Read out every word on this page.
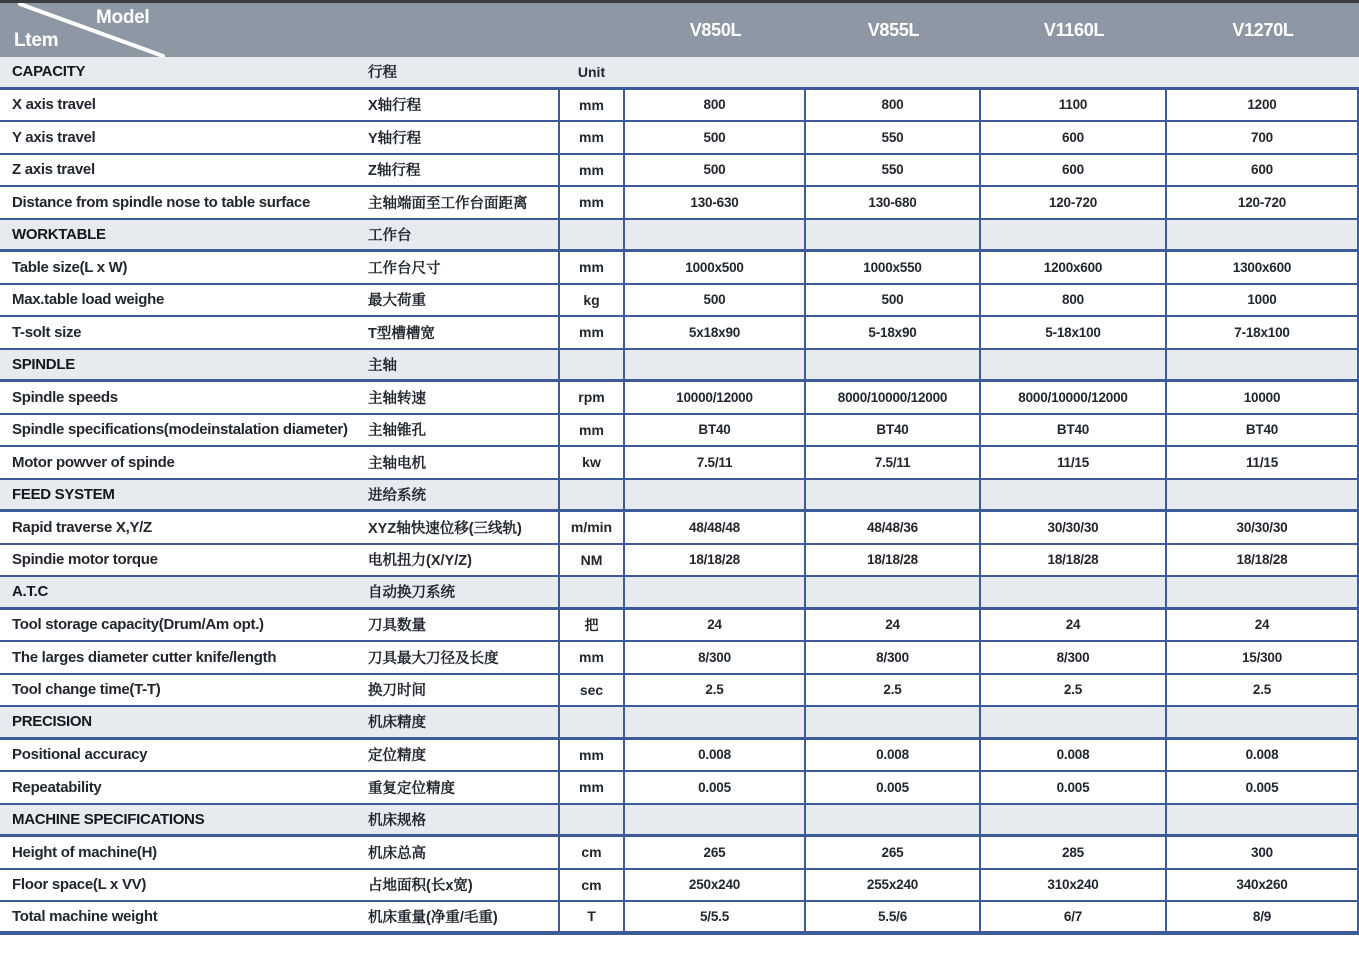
Model
Ltem
V850L	V855L	V1160L	V1270L
CAPACITY	行程	Unit
X axis travel	X轴行程	mm	800	800	1100	1200
Y axis travel	Y轴行程	mm	500	550	600	700
Z axis travel	Z轴行程	mm	500	550	600	600
Distance from spindle nose to table surface	主轴端面至工作台面距离	mm	130-630	130-680	120-720	120-720
WORKTABLE	工作台
Table size(L x W)	工作台尺寸	mm	1000x500	1000x550	1200x600	1300x600
Max.table load weighe	最大荷重	kg	500	500	800	1000
T-solt size	T型槽槽宽	mm	5x18x90	5-18x90	5-18x100	7-18x100
SPINDLE	主轴
Spindle speeds	主轴转速	rpm	10000/12000	8000/10000/12000	8000/10000/12000	10000
Spindle specifications(modeinstalation diameter)	主轴锥孔	mm	BT40	BT40	BT40	BT40
Motor powver of spinde	主轴电机	kw	7.5/11	7.5/11	11/15	11/15
FEED SYSTEM	进给系统
Rapid traverse X,Y/Z	XYZ轴快速位移(三线轨)	m/min	48/48/48	48/48/36	30/30/30	30/30/30
Spindie motor torque	电机扭力(X/Y/Z)	NM	18/18/28	18/18/28	18/18/28	18/18/28
A.T.C	自动换刀系统
Tool storage capacity(Drum/Am opt.)	刀具数量	把	24	24	24	24
The larges diameter cutter knife/length	刀具最大刀径及长度	mm	8/300	8/300	8/300	15/300
Tool change time(T-T)	换刀时间	sec	2.5	2.5	2.5	2.5
PRECISION	机床精度
Positional accuracy	定位精度	mm	0.008	0.008	0.008	0.008
Repeatability	重复定位精度	mm	0.005	0.005	0.005	0.005
MACHINE SPECIFICATIONS	机床规格
Height of machine(H)	机床总高	cm	265	265	285	300
Floor space(L x VV)	占地面积(长x宽)	cm	250x240	255x240	310x240	340x260
Total machine weight	机床重量(净重/毛重)	T	5/5.5	5.5/6	6/7	8/9
